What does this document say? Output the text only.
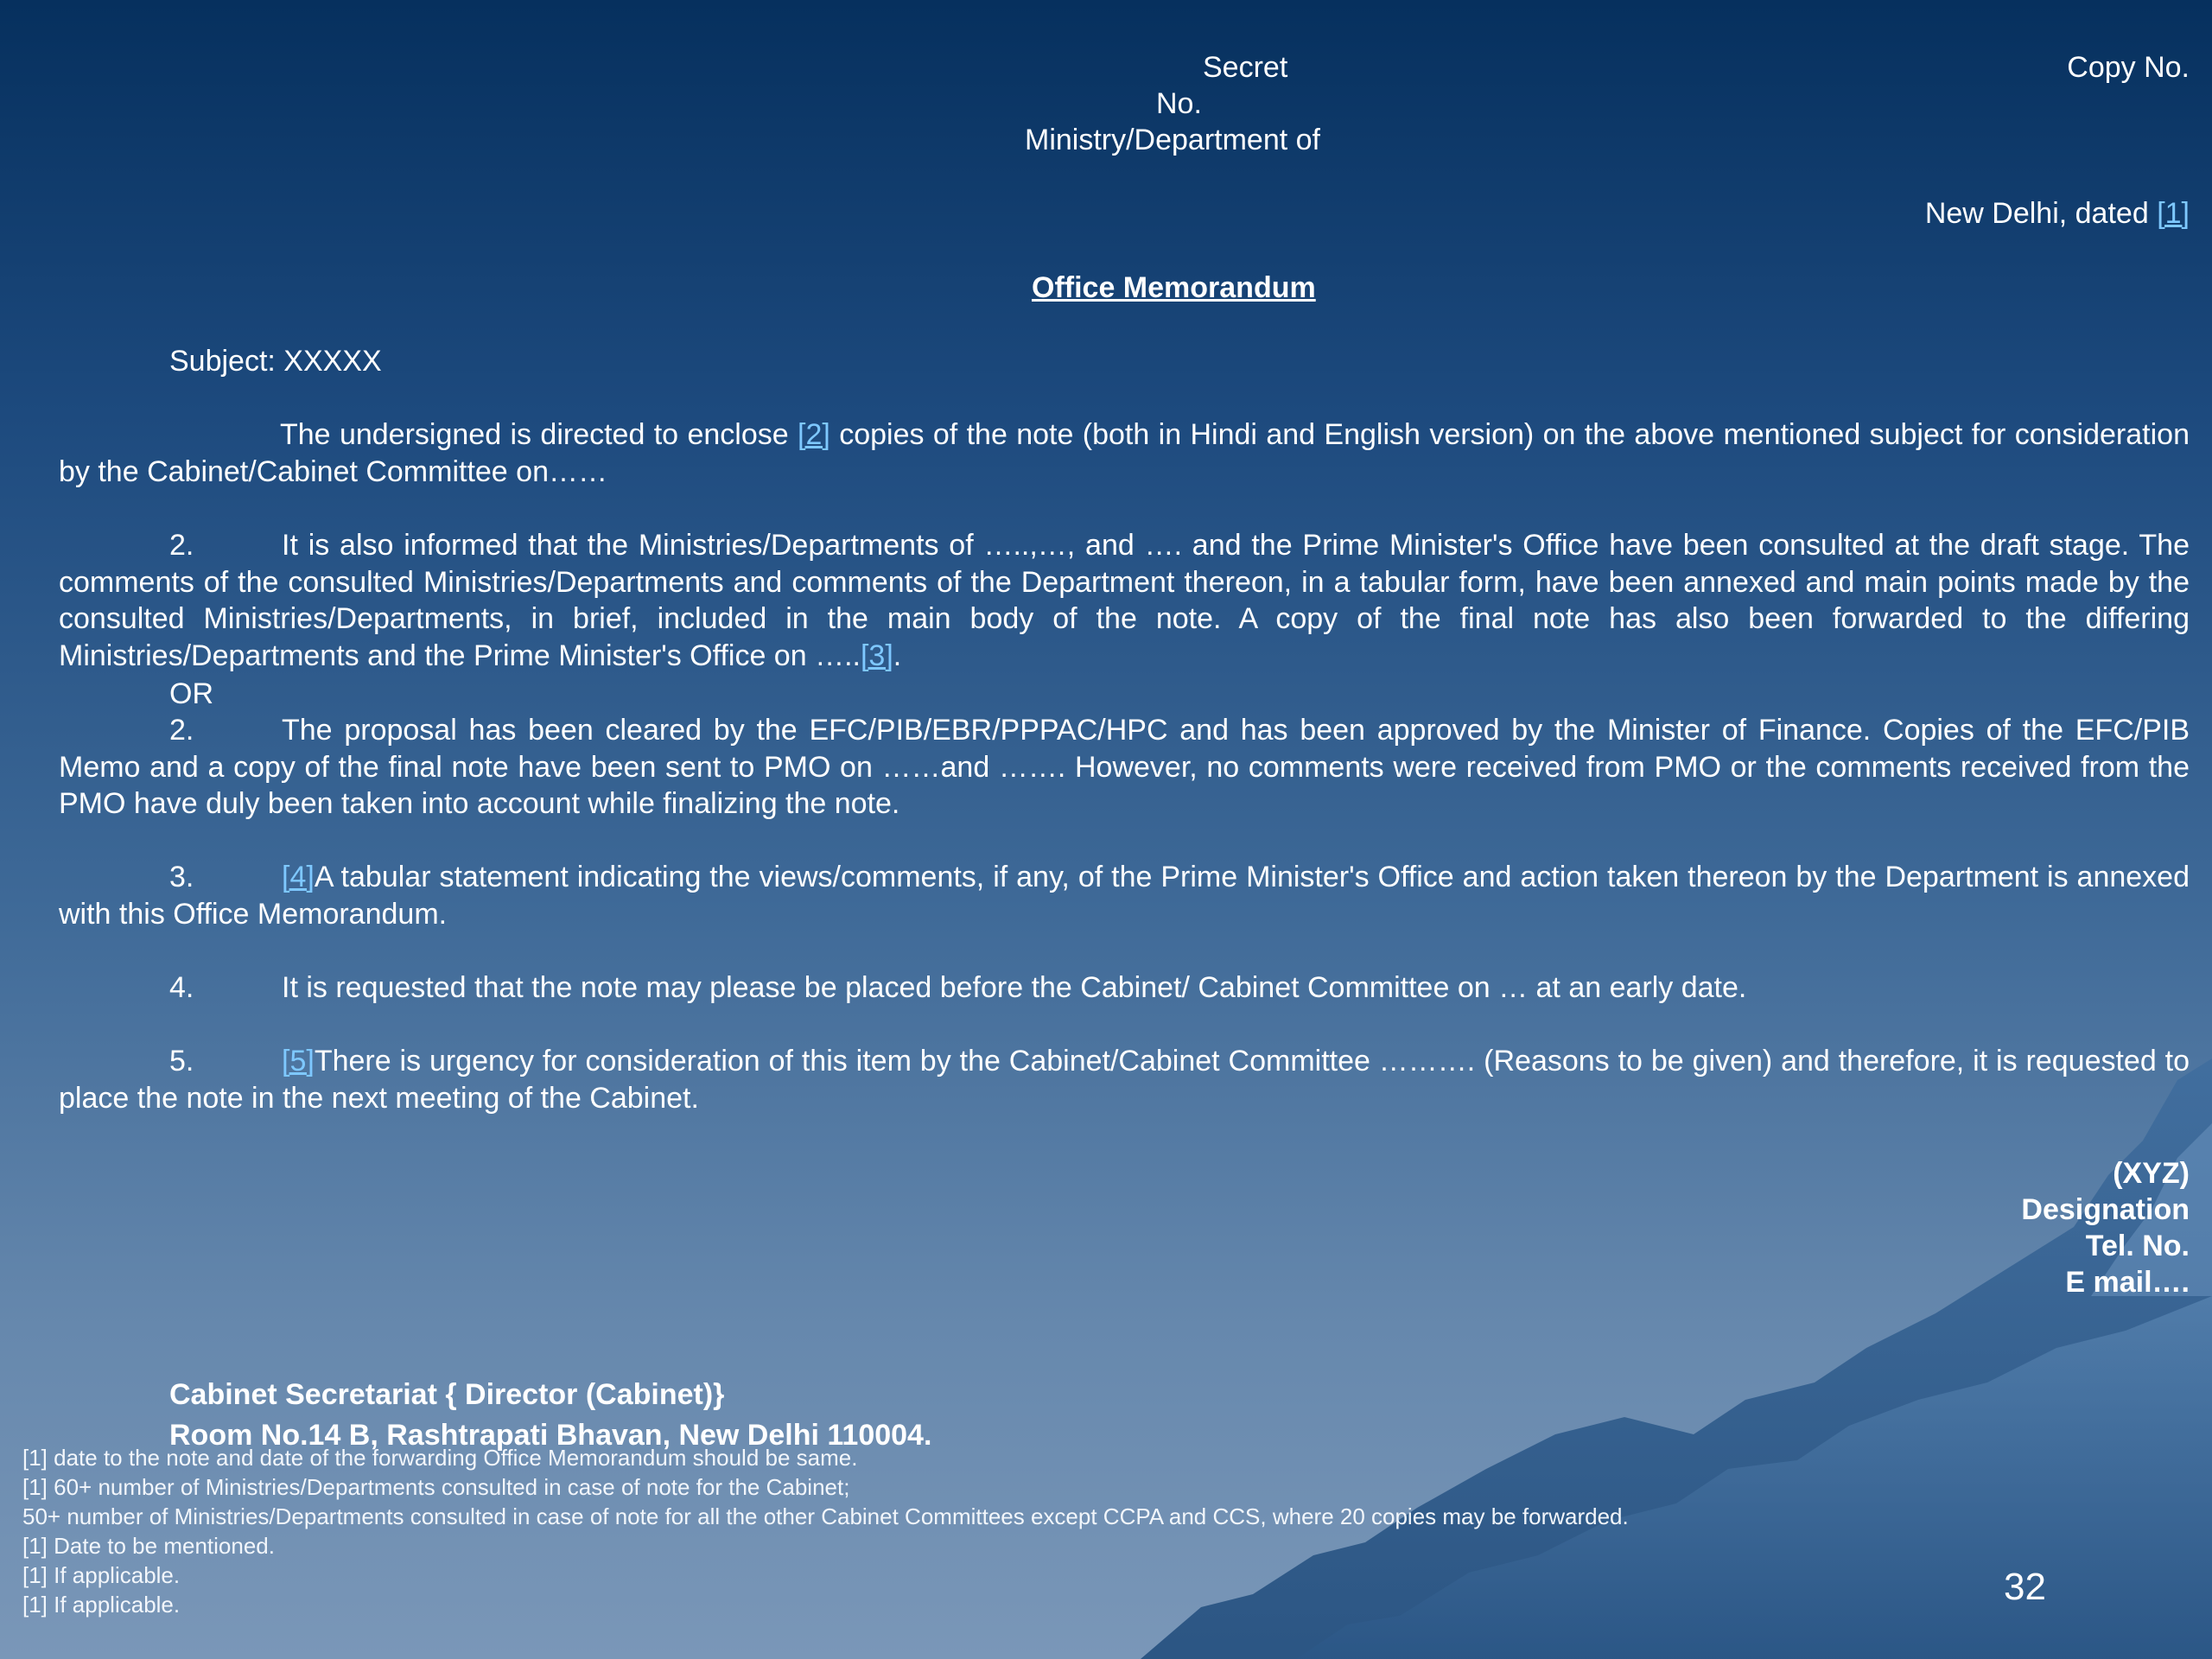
Secret	Copy No.

No.

Ministry/Department of

New Delhi, dated [1]

Office Memorandum

Subject: XXXXX

The undersigned is directed to enclose [2] copies of the note (both in Hindi and English version) on the above mentioned subject for consideration by the Cabinet/Cabinet Committee on……

2.	It is also informed that the Ministries/Departments of …..,…, and …. and the Prime Minister's Office have been consulted at the draft stage. The comments of the consulted Ministries/Departments and comments of the Department thereon, in a tabular form, have been annexed and main points made by the consulted Ministries/Departments, in brief, included in the main body of the note. A copy of the final note has also been forwarded to the differing Ministries/Departments and the Prime Minister's Office on …..[3].

OR

2.	The proposal has been cleared by the EFC/PIB/EBR/PPPAC/HPC and has been approved by the Minister of Finance. Copies of the EFC/PIB Memo and a copy of the final note have been sent to PMO on ……and ……. However, no comments were received from PMO or the comments received from the PMO have duly been taken into account while finalizing the note.

3.	[4]A tabular statement indicating the views/comments, if any, of the Prime Minister's Office and action taken thereon by the Department is annexed with this Office Memorandum.

4.	It is requested that the note may please be placed before the Cabinet/ Cabinet Committee on … at an early date.

5.	[5]There is urgency for consideration of this item by the Cabinet/Cabinet Committee ………. (Reasons to be given) and therefore, it is requested to place the note in the next meeting of the Cabinet.

(XYZ)

Designation

Tel. No.

E mail….

Cabinet Secretariat { Director (Cabinet)}

Room No.14 B, Rashtrapati Bhavan, New Delhi 110004.

[1] date to the note and date of the forwarding Office Memorandum should be same.

[1] 60+ number of Ministries/Departments consulted in case of note for the Cabinet;

50+ number of Ministries/Departments consulted in case of note for all the other Cabinet Committees except CCPA and CCS, where 20 copies may be forwarded.

[1] Date to be mentioned.

[1] If applicable.

[1] If applicable.	32
